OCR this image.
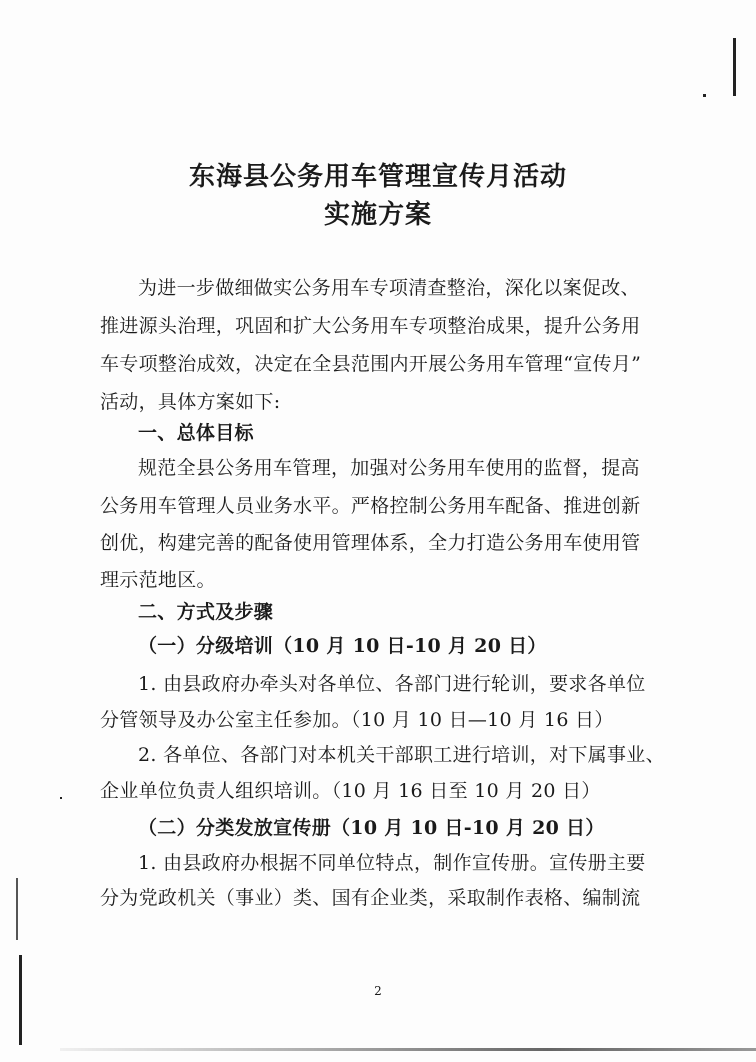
东海县公务用车管理宣传月活动
实施方案
为进一步做细做实公务用车专项清查整治，深化以案促改、
推进源头治理，巩固和扩大公务用车专项整治成果，提升公务用
车专项整治成效，决定在全县范围内开展公务用车管理“宣传月”
活动，具体方案如下:
一、总体目标
规范全县公务用车管理，加强对公务用车使用的监督，提高
公务用车管理人员业务水平。严格控制公务用车配备、推进创新
创优，构建完善的配备使用管理体系，全力打造公务用车使用管
理示范地区。
二、方式及步骤
（一）分级培训（10 月 10 日-10 月 20 日）
1. 由县政府办牵头对各单位、各部门进行轮训，要求各单位
分管领导及办公室主任参加。（10 月 10 日—10 月 16 日）
2. 各单位、各部门对本机关干部职工进行培训，对下属事业、
企业单位负责人组织培训。（10 月 16 日至 10 月 20 日）
（二）分类发放宣传册（10 月 10 日-10 月 20 日）
1. 由县政府办根据不同单位特点，制作宣传册。宣传册主要
分为党政机关（事业）类、国有企业类，采取制作表格、编制流
2
